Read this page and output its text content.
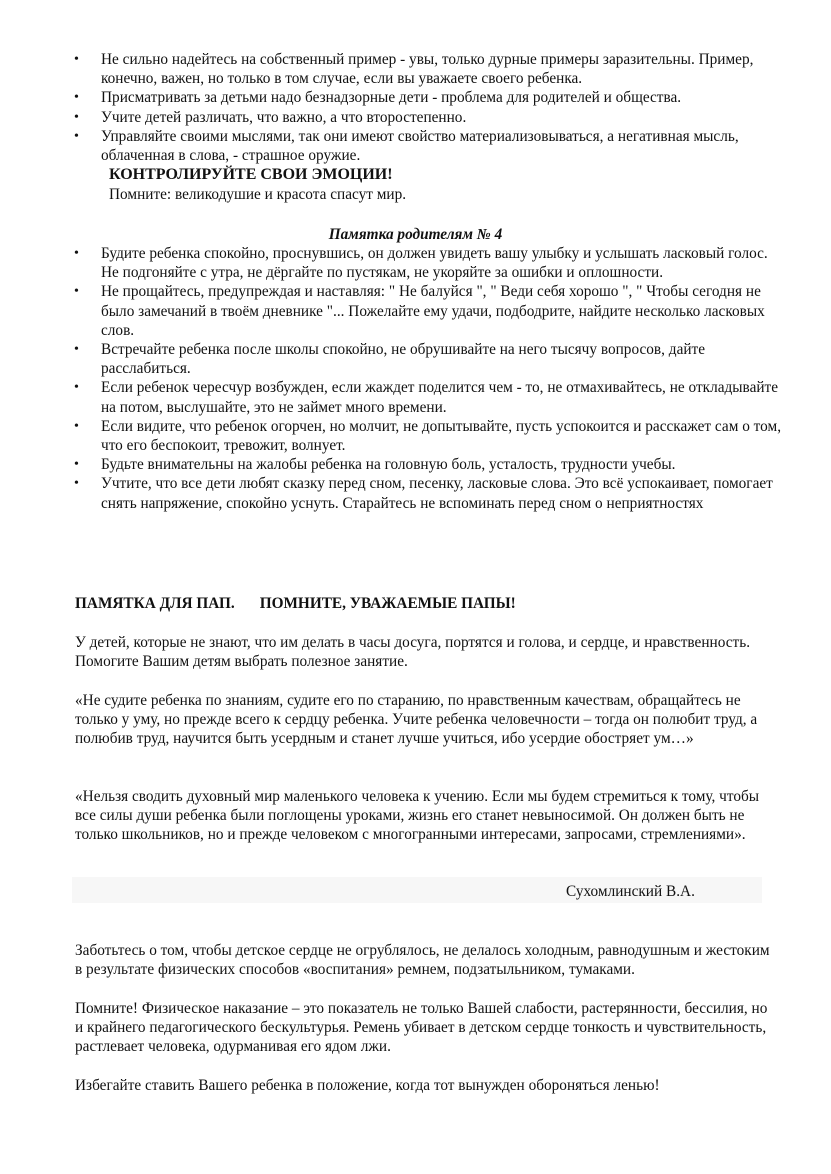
• Не сильно надейтесь на собственный пример - увы, только дурные примеры заразительны. Пример, конечно, важен, но только в том случае, если вы уважаете своего ребенка.
• Присматривать за детьми надо безнадзорные дети - проблема для родителей и общества.
• Учите детей различать, что важно, а что второстепенно.
• Управляйте своими мыслями, так они имеют свойство материализовываться, а негативная мысль, облаченная в слова, - страшное оружие.
КОНТРОЛИРУЙТЕ СВОИ ЭМОЦИИ!
Помните: великодушие и красота спасут мир.
Памятка родителям № 4
• Будите ребенка спокойно, проснувшись, он должен увидеть вашу улыбку и услышать ласковый голос. Не подгоняйте с утра, не дёргайте по пустякам, не укоряйте за ошибки и оплошности.
• Не прощайтесь, предупреждая и наставляя: " Не балуйся ", " Веди себя хорошо ", " Чтобы сегодня не было замечаний в твоём дневнике "... Пожелайте ему удачи, подбодрите, найдите несколько ласковых слов.
• Встречайте ребенка после школы спокойно, не обрушивайте на него тысячу вопросов, дайте расслабиться.
• Если ребенок чересчур возбужден, если жаждет поделится чем - то, не отмахивайтесь, не откладывайте на потом, выслушайте, это не займет много времени.
• Если видите, что ребенок огорчен, но молчит, не допытывайте, пусть успокоится и расскажет сам о том, что его беспокоит, тревожит, волнует.
• Будьте внимательны на жалобы ребенка на головную боль, усталость, трудности учебы.
• Учтите, что все дети любят сказку перед сном, песенку, ласковые слова. Это всё успокаивает, помогает снять напряжение, спокойно уснуть. Старайтесь не вспоминать перед сном о неприятностях
ПАМЯТКА ДЛЯ ПАП. ПОМНИТЕ, УВАЖАЕМЫЕ ПАПЫ!
У детей, которые не знают, что им делать в часы досуга, портятся и голова, и сердце, и нравственность. Помогите Вашим детям выбрать полезное занятие.
«Не судите ребенка по знаниям, судите его по старанию, по нравственным качествам, обращайтесь не только у уму, но прежде всего к сердцу ребенка. Учите ребенка человечности – тогда он полюбит труд, а полюбив труд, научится быть усердным и станет лучше учиться, ибо усердие обостряет ум…»
«Нельзя сводить духовный мир маленького человека к учению. Если мы будем стремиться к тому, чтобы все силы души ребенка были поглощены уроками, жизнь его станет невыносимой. Он должен быть не только школьников, но и прежде человеком с многогранными интересами, запросами, стремлениями».
Сухомлинский В.А.
Заботьтесь о том, чтобы детское сердце не огрублялось, не делалось холодным, равнодушным и жестоким в результате физических способов «воспитания» ремнем, подзатыльником, тумаками.
Помните! Физическое наказание – это показатель не только Вашей слабости, растерянности, бессилия, но и крайнего педагогического бескультурья. Ремень убивает в детском сердце тонкость и чувствительность, растлевает человека, одурманивая его ядом лжи.
Избегайте ставить Вашего ребенка в положение, когда тот вынужден обороняться ленью!
